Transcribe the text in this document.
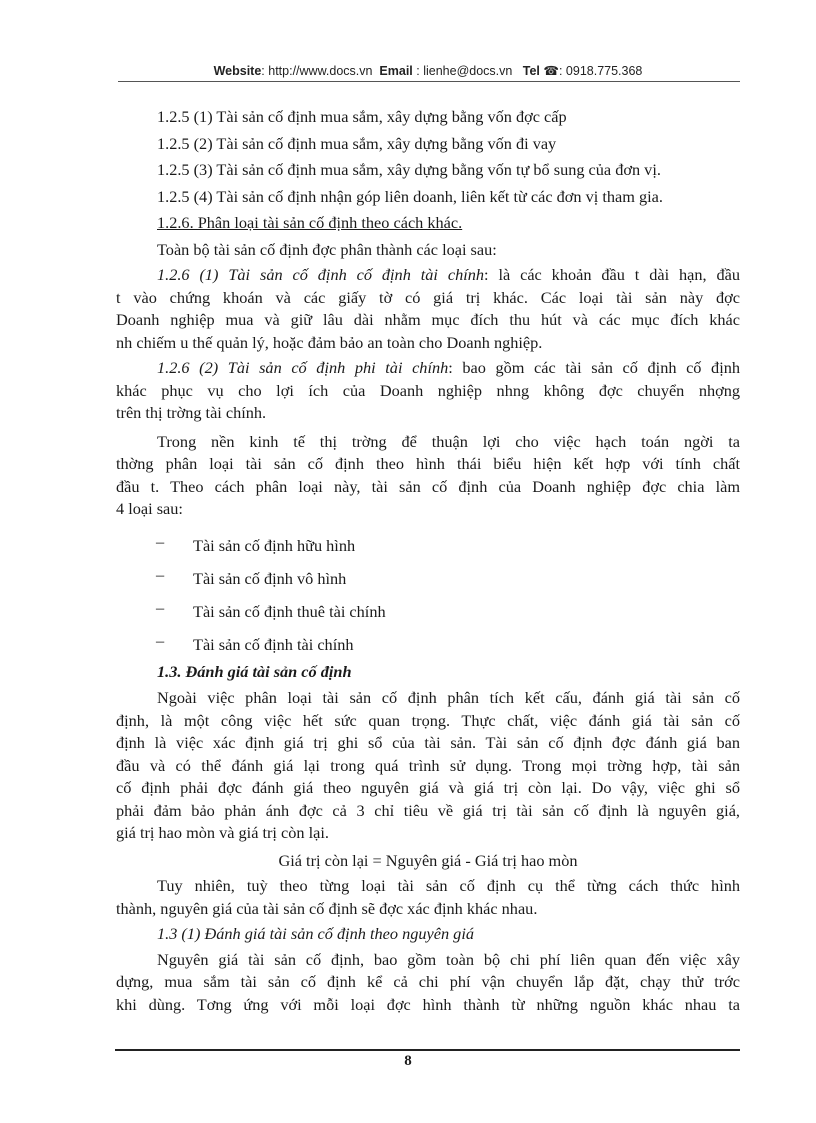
Website: http://www.docs.vn Email : lienhe@docs.vn Tel ☎: 0918.775.368

1.2.5 (1) Tài sản cố định mua sắm, xây dựng bằng vốn đợc cấp

1.2.5 (2) Tài sản cố định mua sắm, xây dựng bằng vốn đi vay

1.2.5 (3) Tài sản cố định mua sắm, xây dựng bằng vốn tự bổ sung của đơn vị.

1.2.5 (4) Tài sản cố định nhận góp liên doanh, liên kết từ các đơn vị tham gia.

1.2.6. Phân loại tài sản cố định theo cách khác.

Toàn bộ tài sản cố định đợc phân thành các loại sau:

1.2.6 (1) Tài sản cố định cố định tài chính: là các khoản đầu t dài hạn, đầu

t vào chứng khoán và các giấy tờ có giá trị khác. Các loại tài sản này đợc

Doanh nghiệp mua và giữ lâu dài nhằm mục đích thu hút và các mục đích khác

nh chiếm u thế quản lý, hoặc đảm bảo an toàn cho Doanh nghiệp.

1.2.6 (2) Tài sản cố định phi tài chính: bao gồm các tài sản cố định cố định

khác phục vụ cho lợi ích của Doanh nghiệp nhng không đợc chuyển nhợng

trên thị trờng tài chính.

Trong nền kinh tế thị trờng để thuận lợi cho việc hạch toán ngời ta

thờng phân loại tài sản cố định theo hình thái biểu hiện kết hợp với tính chất

đầu t. Theo cách phân loại này, tài sản cố định của Doanh nghiệp đợc chia làm

4 loại sau:

– Tài sản cố định hữu hình
– Tài sản cố định vô hình
– Tài sản cố định thuê tài chính
– Tài sản cố định tài chính

1.3. Đánh giá tài sản cố định

Ngoài việc phân loại tài sản cố định phân tích kết cấu, đánh giá tài sản cố

định, là một công việc hết sức quan trọng. Thực chất, việc đánh giá tài sản cố

định là việc xác định giá trị ghi sổ của tài sản. Tài sản cố định đợc đánh giá ban

đầu và có thể đánh giá lại trong quá trình sử dụng. Trong mọi trờng hợp, tài sản

cố định phải đợc đánh giá theo nguyên giá và giá trị còn lại. Do vậy, việc ghi sổ

phải đảm bảo phản ánh đợc cả 3 chỉ tiêu về giá trị tài sản cố định là nguyên giá,

giá trị hao mòn và giá trị còn lại.

Giá trị còn lại = Nguyên giá - Giá trị hao mòn

Tuy nhiên, tuỳ theo từng loại tài sản cố định cụ thể từng cách thức hình

thành, nguyên giá của tài sản cố định sẽ đợc xác định khác nhau.

1.3 (1) Đánh giá tài sản cố định theo nguyên giá

Nguyên giá tài sản cố định, bao gồm toàn bộ chi phí liên quan đến việc xây

dựng, mua sắm tài sản cố định kể cả chi phí vận chuyển lắp đặt, chạy thử trớc

khi dùng. Tơng ứng với mỗi loại đợc hình thành từ những nguồn khác nhau ta

8
